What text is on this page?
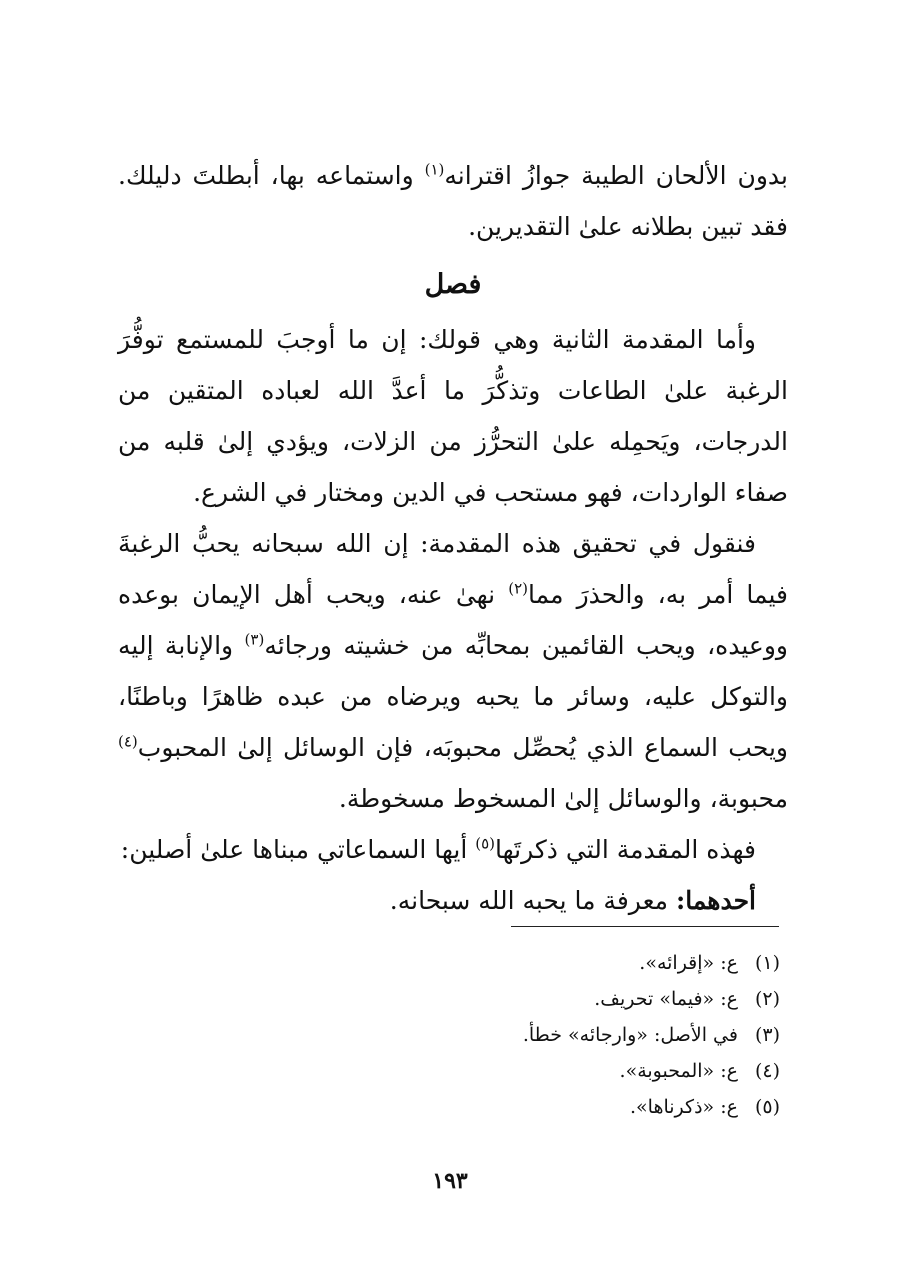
بدون الألحان الطيبة جوازُ اقترانه$^{(١)}$ واستماعه بها، أبطلتَ دليلك. فقد تبين بطلانه علىٰ التقديرين.

فصل

وأما المقدمة الثانية وهي قولك: إن ما أوجبَ للمستمع توفُّرَ الرغبة علىٰ الطاعات وتذكُّرَ ما أعدَّ الله لعباده المتقين من الدرجات، ويَحمِله علىٰ التحرُّز من الزلات، ويؤدي إلىٰ قلبه من صفاء الواردات، فهو مستحب في الدين ومختار في الشرع.

فنقول في تحقيق هذه المقدمة: إن الله سبحانه يحبُّ الرغبةَ فيما أمر به، والحذرَ مما$^{(٢)}$ نهىٰ عنه، ويحب أهل الإيمان بوعده ووعيده، ويحب القائمين بمحابِّه من خشيته ورجائه$^{(٣)}$ والإنابة إليه والتوكل عليه، وسائر ما يحبه ويرضاه من عبده ظاهرًا وباطنًا، ويحب السماع الذي يُحصِّل محبوبَه، فإن الوسائل إلىٰ المحبوب$^{(٤)}$ محبوبة، والوسائل إلىٰ المسخوط مسخوطة.

فهذه المقدمة التي ذكرتَها$^{(٥)}$ أيها السماعاتي مبناها علىٰ أصلين:

أحدهما: معرفة ما يحبه الله سبحانه.

(١) ع: «إقرائه».
(٢) ع: «فيما» تحريف.
(٣) في الأصل: «وارجائه» خطأ.
(٤) ع: «المحبوبة».
(٥) ع: «ذكرناها».
١٩٣
